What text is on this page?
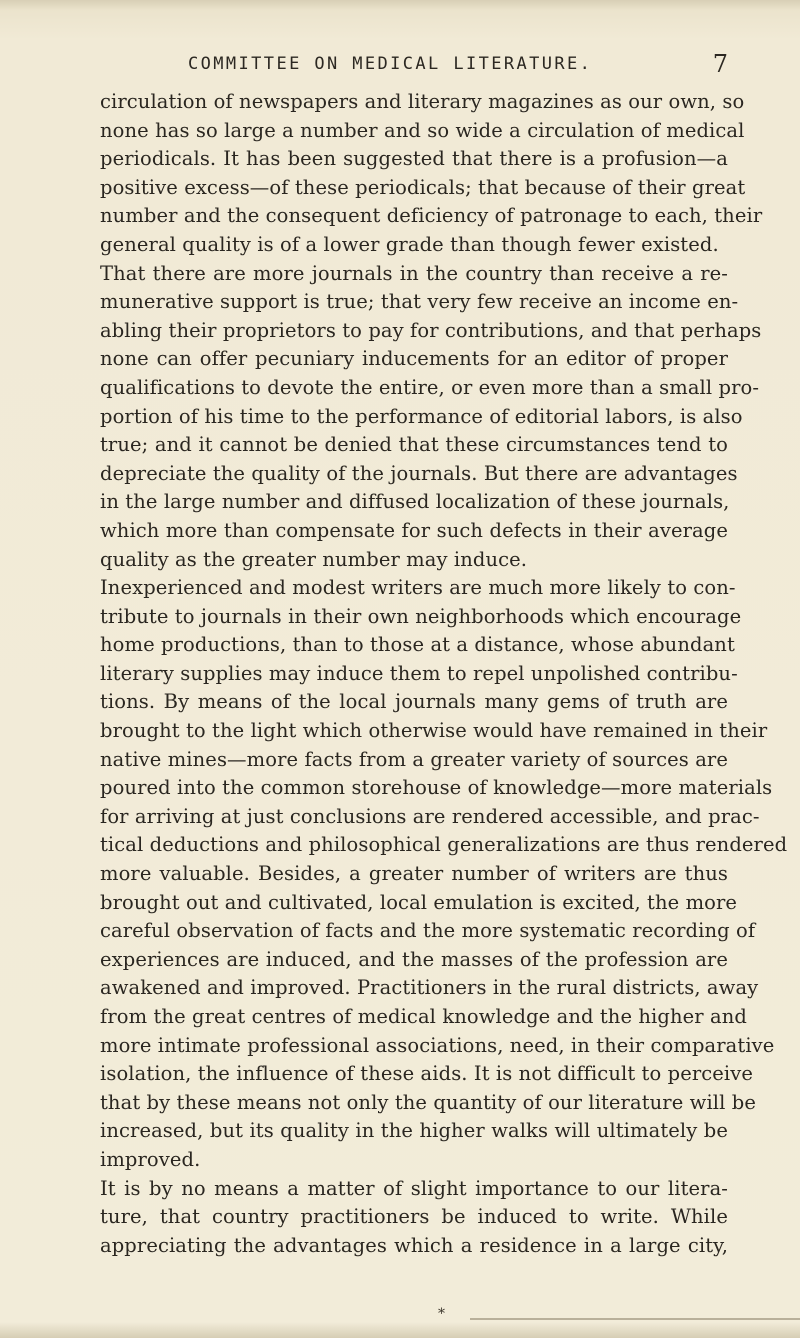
COMMITTEE ON MEDICAL LITERATURE.	7
circulation of newspapers and literary magazines as our own, so
none has so large a number and so wide a circulation of medical
periodicals. It has been suggested that there is a profusion—a
positive excess—of these periodicals; that because of their great
number and the consequent deficiency of patronage to each, their
general quality is of a lower grade than though fewer existed.
That there are more journals in the country than receive a re-
munerative support is true; that very few receive an income en-
abling their proprietors to pay for contributions, and that perhaps
none can offer pecuniary inducements for an editor of proper
qualifications to devote the entire, or even more than a small pro-
portion of his time to the performance of editorial labors, is also
true; and it cannot be denied that these circumstances tend to
depreciate the quality of the journals. But there are advantages
in the large number and diffused localization of these journals,
which more than compensate for such defects in their average
quality as the greater number may induce.
Inexperienced and modest writers are much more likely to con-
tribute to journals in their own neighborhoods which encourage
home productions, than to those at a distance, whose abundant
literary supplies may induce them to repel unpolished contribu-
tions. By means of the local journals many gems of truth are
brought to the light which otherwise would have remained in their
native mines—more facts from a greater variety of sources are
poured into the common storehouse of knowledge—more materials
for arriving at just conclusions are rendered accessible, and prac-
tical deductions and philosophical generalizations are thus rendered
more valuable. Besides, a greater number of writers are thus
brought out and cultivated, local emulation is excited, the more
careful observation of facts and the more systematic recording of
experiences are induced, and the masses of the profession are
awakened and improved. Practitioners in the rural districts, away
from the great centres of medical knowledge and the higher and
more intimate professional associations, need, in their comparative
isolation, the influence of these aids. It is not difficult to perceive
that by these means not only the quantity of our literature will be
increased, but its quality in the higher walks will ultimately be
improved.
It is by no means a matter of slight importance to our litera-
ture, that country practitioners be induced to write. While
appreciating the advantages which a residence in a large city,
*
